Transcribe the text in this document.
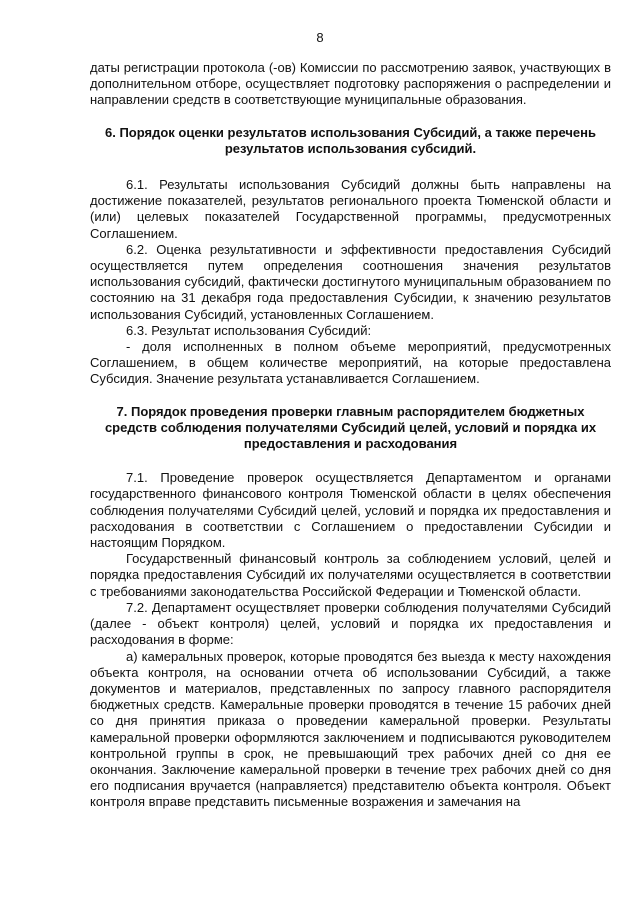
8

даты регистрации протокола (-ов) Комиссии по рассмотрению заявок, участвующих в дополнительном отборе, осуществляет подготовку распоряжения о распределении и направлении средств в соответствующие муниципальные образования.

6. Порядок оценки результатов использования Субсидий, а также перечень результатов использования субсидий.

6.1. Результаты использования Субсидий должны быть направлены на достижение показателей, результатов регионального проекта Тюменской области и (или) целевых показателей Государственной программы, предусмотренных Соглашением.

6.2. Оценка результативности и эффективности предоставления Субсидий осуществляется путем определения соотношения значения результатов использования субсидий, фактически достигнутого муниципальным образованием по состоянию на 31 декабря года предоставления Субсидии, к значению результатов использования Субсидий, установленных Соглашением.

6.3. Результат использования Субсидий:

- доля исполненных в полном объеме мероприятий, предусмотренных Соглашением, в общем количестве мероприятий, на которые предоставлена Субсидия. Значение результата устанавливается Соглашением.

7. Порядок проведения проверки главным распорядителем бюджетных средств соблюдения получателями Субсидий целей, условий и порядка их предоставления и расходования

7.1. Проведение проверок осуществляется Департаментом и органами государственного финансового контроля Тюменской области в целях обеспечения соблюдения получателями Субсидий целей, условий и порядка их предоставления и расходования в соответствии с Соглашением о предоставлении Субсидии и настоящим Порядком.

Государственный финансовый контроль за соблюдением условий, целей и порядка предоставления Субсидий их получателями осуществляется в соответствии с требованиями законодательства Российской Федерации и Тюменской области.

7.2. Департамент осуществляет проверки соблюдения получателями Субсидий (далее - объект контроля) целей, условий и порядка их предоставления и расходования в форме:

а) камеральных проверок, которые проводятся без выезда к месту нахождения объекта контроля, на основании отчета об использовании Субсидий, а также документов и материалов, представленных по запросу главного распорядителя бюджетных средств. Камеральные проверки проводятся в течение 15 рабочих дней со дня принятия приказа о проведении камеральной проверки. Результаты камеральной проверки оформляются заключением и подписываются руководителем контрольной группы в срок, не превышающий трех рабочих дней со дня ее окончания. Заключение камеральной проверки в течение трех рабочих дней со дня его подписания вручается (направляется) представителю объекта контроля. Объект контроля вправе представить письменные возражения и замечания на
